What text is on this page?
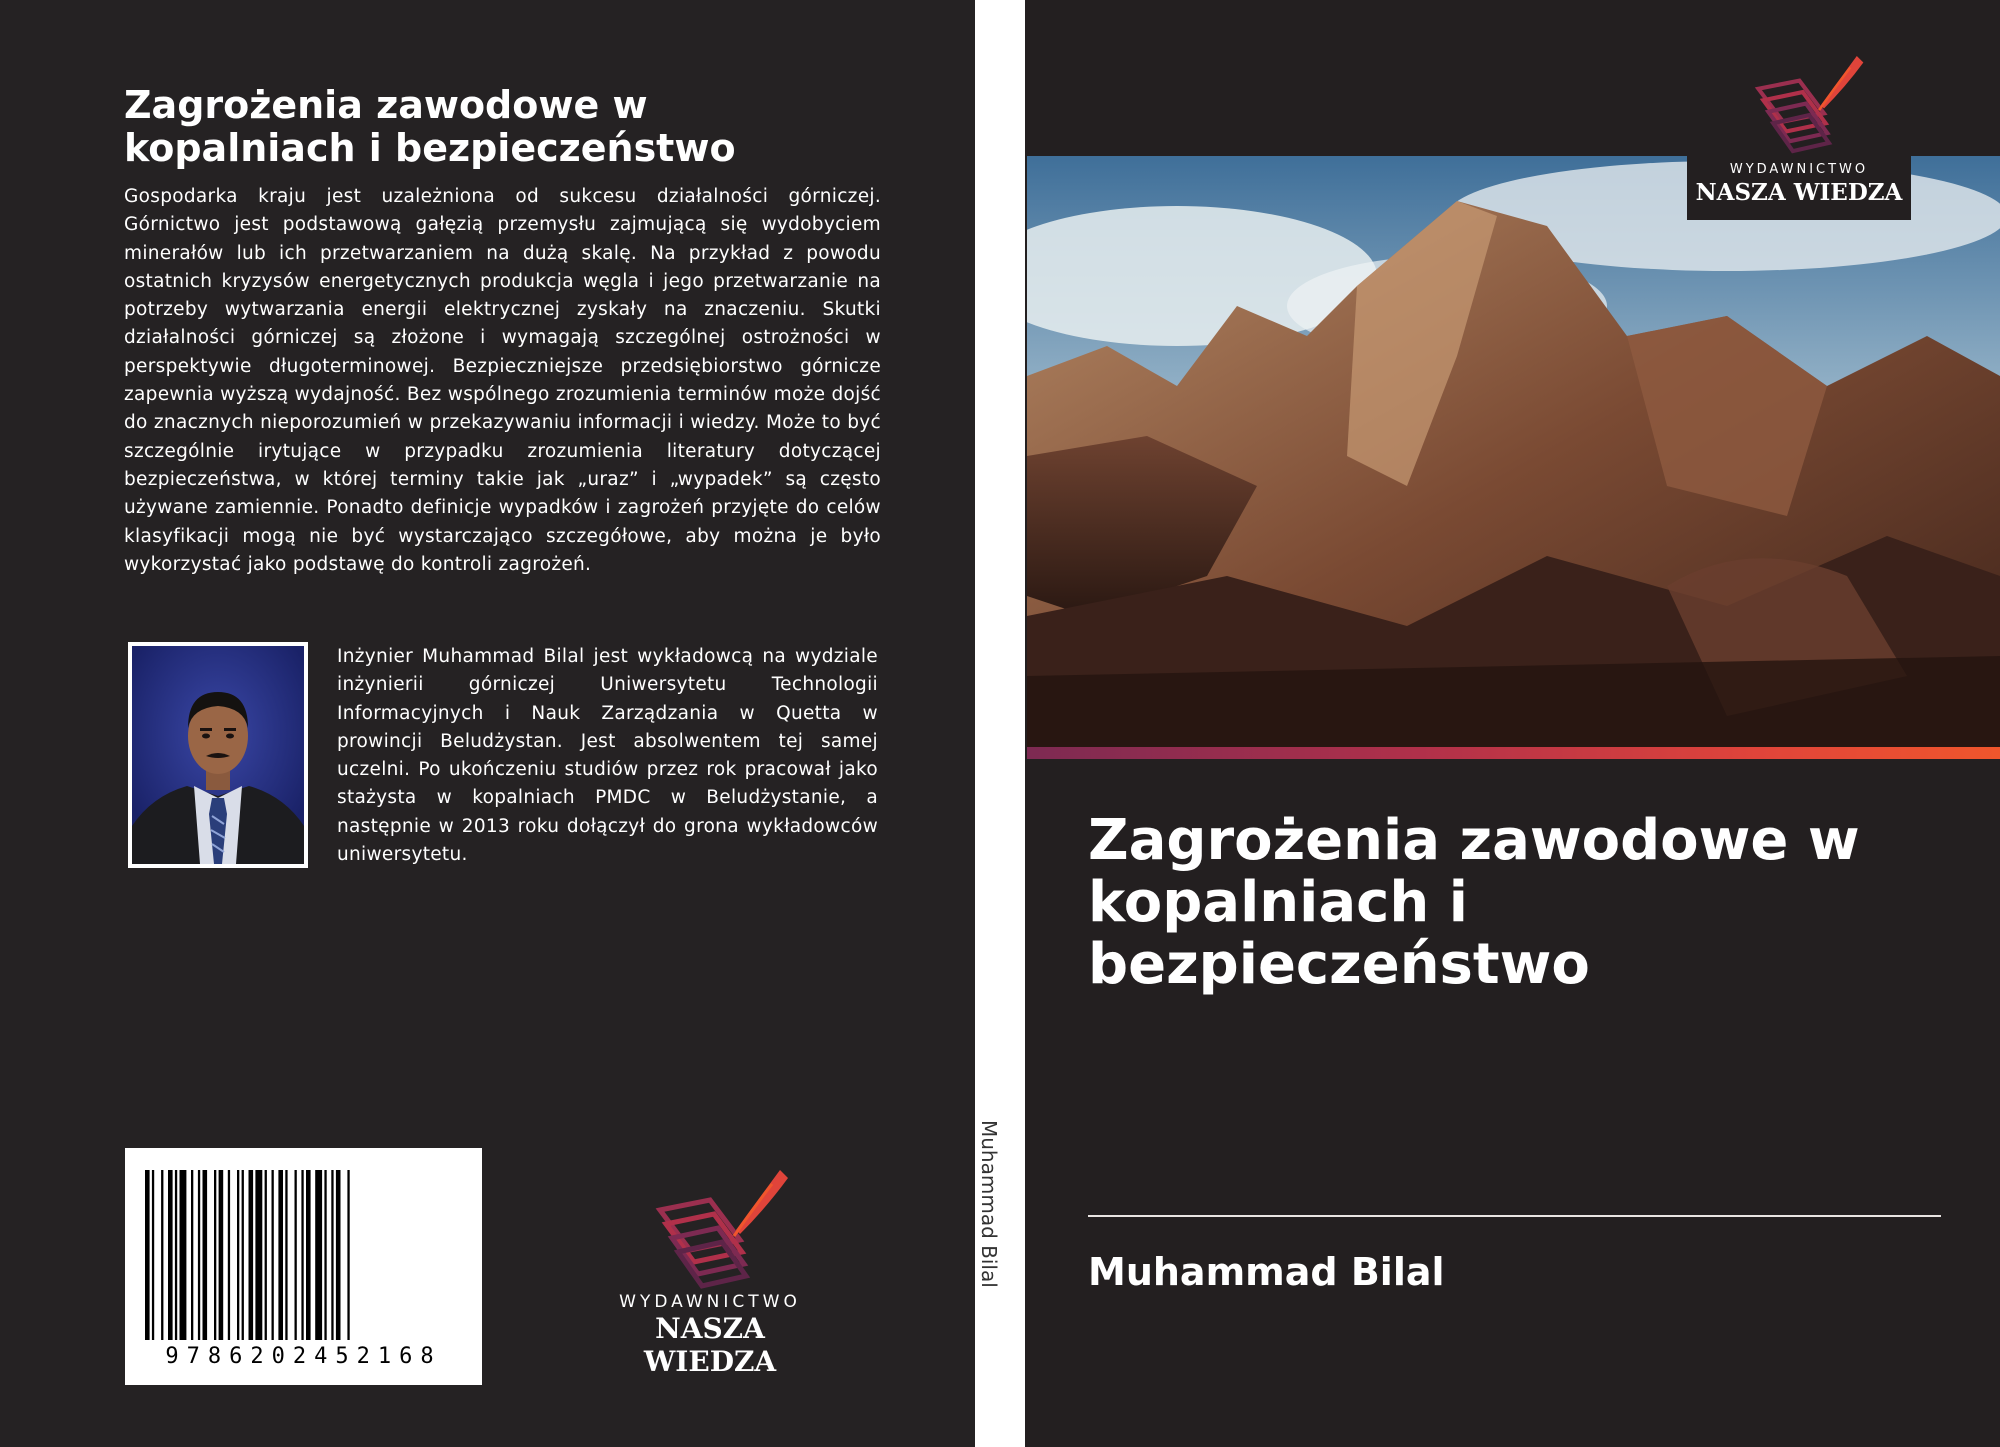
Zagrożenia zawodowe w kopalniach i bezpieczeństwo
Gospodarka kraju jest uzależniona od sukcesu działalności górniczej. Górnictwo jest podstawową gałęzią przemysłu zajmującą się wydobyciem minerałów lub ich przetwarzaniem na dużą skalę. Na przykład z powodu ostatnich kryzysów energetycznych produkcja węgla i jego przetwarzanie na potrzeby wytwarzania energii elektrycznej zyskały na znaczeniu. Skutki działalności górniczej są złożone i wymagają szczególnej ostrożności w perspektywie długoterminowej. Bezpieczniejsze przedsiębiorstwo górnicze zapewnia wyższą wydajność. Bez wspólnego zrozumienia terminów może dojść do znacznych nieporozumień w przekazywaniu informacji i wiedzy. Może to być szczególnie irytujące w przypadku zrozumienia literatury dotyczącej bezpieczeństwa, w której terminy takie jak „uraz” i „wypadek” są często używane zamiennie. Ponadto definicje wypadków i zagrożeń przyjęte do celów klasyfikacji mogą nie być wystarczająco szczegółowe, aby można je było wykorzystać jako podstawę do kontroli zagrożeń.
Inżynier Muhammad Bilal jest wykładowcą na wydziale inżynierii górniczej Uniwersytetu Technologii Informacyjnych i Nauk Zarządzania w Quetta w prowincji Beludżystan. Jest absolwentem tej samej uczelni. Po ukończeniu studiów przez rok pracował jako stażysta w kopalniach PMDC w Beludżystanie, a następnie w 2013 roku dołączył do grona wykładowców uniwersytetu.
9786202452168
WYDAWNICTWO
NASZA WIEDZA
Muhammad Bilal
WYDAWNICTWO
NASZA WIEDZA
Zagrożenia zawodowe w kopalniach i bezpieczeństwo
Muhammad Bilal
